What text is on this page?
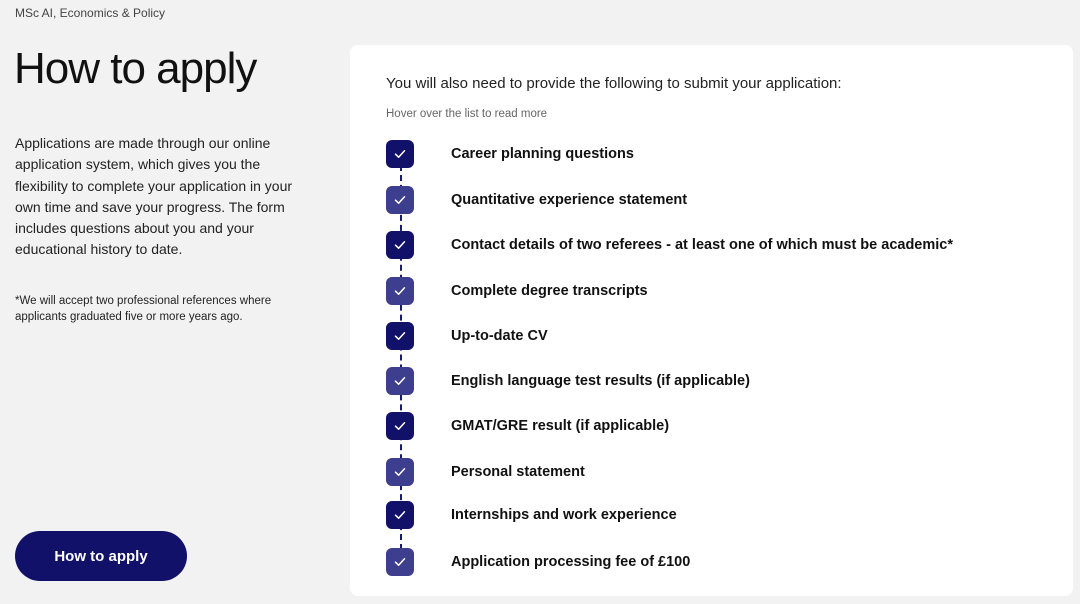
MSc AI, Economics & Policy
How to apply

Applications are made through our online application system, which gives you the flexibility to complete your application in your own time and save your progress. The form includes questions about you and your educational history to date.

*We will accept two professional references where applicants graduated five or more years ago.

How to apply
You will also need to provide the following to submit your application:
Hover over the list to read more
Career planning questions
Quantitative experience statement
Contact details of two referees - at least one of which must be academic*
Complete degree transcripts
Up-to-date CV
English language test results (if applicable)
GMAT/GRE result (if applicable)
Personal statement
Internships and work experience
Application processing fee of £100
